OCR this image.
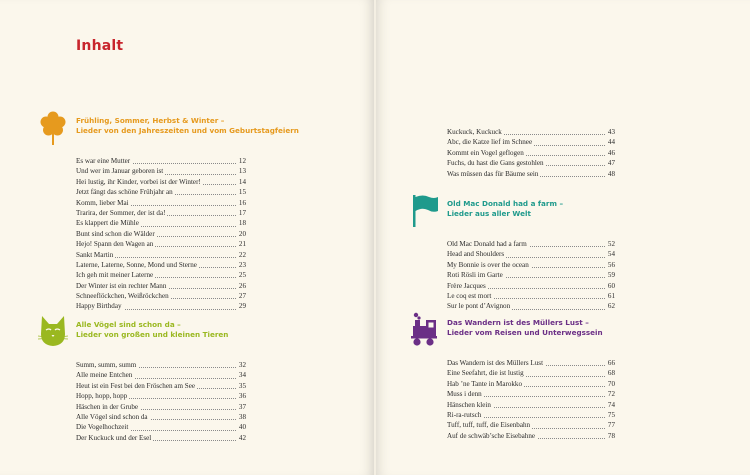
Inhalt
Frühling, Sommer, Herbst & Winter –
Lieder von den Jahreszeiten und vom Geburtstagfeiern
Es war eine Mutter	12
Und wer im Januar geboren ist	13
Hei lustig, ihr Kinder, vorbei ist der Winter!	14
Jetzt fängt das schöne Frühjahr an	15
Komm, lieber Mai	16
Trarira, der Sommer, der ist da!	17
Es klappert die Mühle	18
Bunt sind schon die Wälder	20
Hejo! Spann den Wagen an	21
Sankt Martin	22
Laterne, Laterne, Sonne, Mond und Sterne	23
Ich geh mit meiner Laterne	25
Der Winter ist ein rechter Mann	26
Schneeflöckchen, Weißröckchen	27
Happy Birthday	29
Alle Vögel sind schon da –
Lieder von großen und kleinen Tieren
Summ, summ, summ	32
Alle meine Entchen	34
Heut ist ein Fest bei den Fröschen am See	35
Hopp, hopp, hopp	36
Häschen in der Grube	37
Alle Vögel sind schon da	38
Die Vogelhochzeit	40
Der Kuckuck und der Esel	42
Kuckuck, Kuckuck	43
Abc, die Katze lief im Schnee	44
Kommt ein Vogel geflogen	46
Fuchs, du hast die Gans gestohlen	47
Was müssen das für Bäume sein	48
Old Mac Donald had a farm –
Lieder aus aller Welt
Old Mac Donald had a farm	52
Head and Shoulders	54
My Bonnie is over the ocean	56
Roti Rösli im Garte	59
Frère Jacques	60
Le coq est mort	61
Sur le pont d’Avignon	62
Das Wandern ist des Müllers Lust –
Lieder vom Reisen und Unterwegssein
Das Wandern ist des Müllers Lust	66
Eine Seefahrt, die ist lustig	68
Hab ’ne Tante in Marokko	70
Muss i denn	72
Hänschen klein	74
Ri-ra-rutsch	75
Tuff, tuff, tuff, die Eisenbahn	77
Auf de schwäb’sche Eisebahne	78
